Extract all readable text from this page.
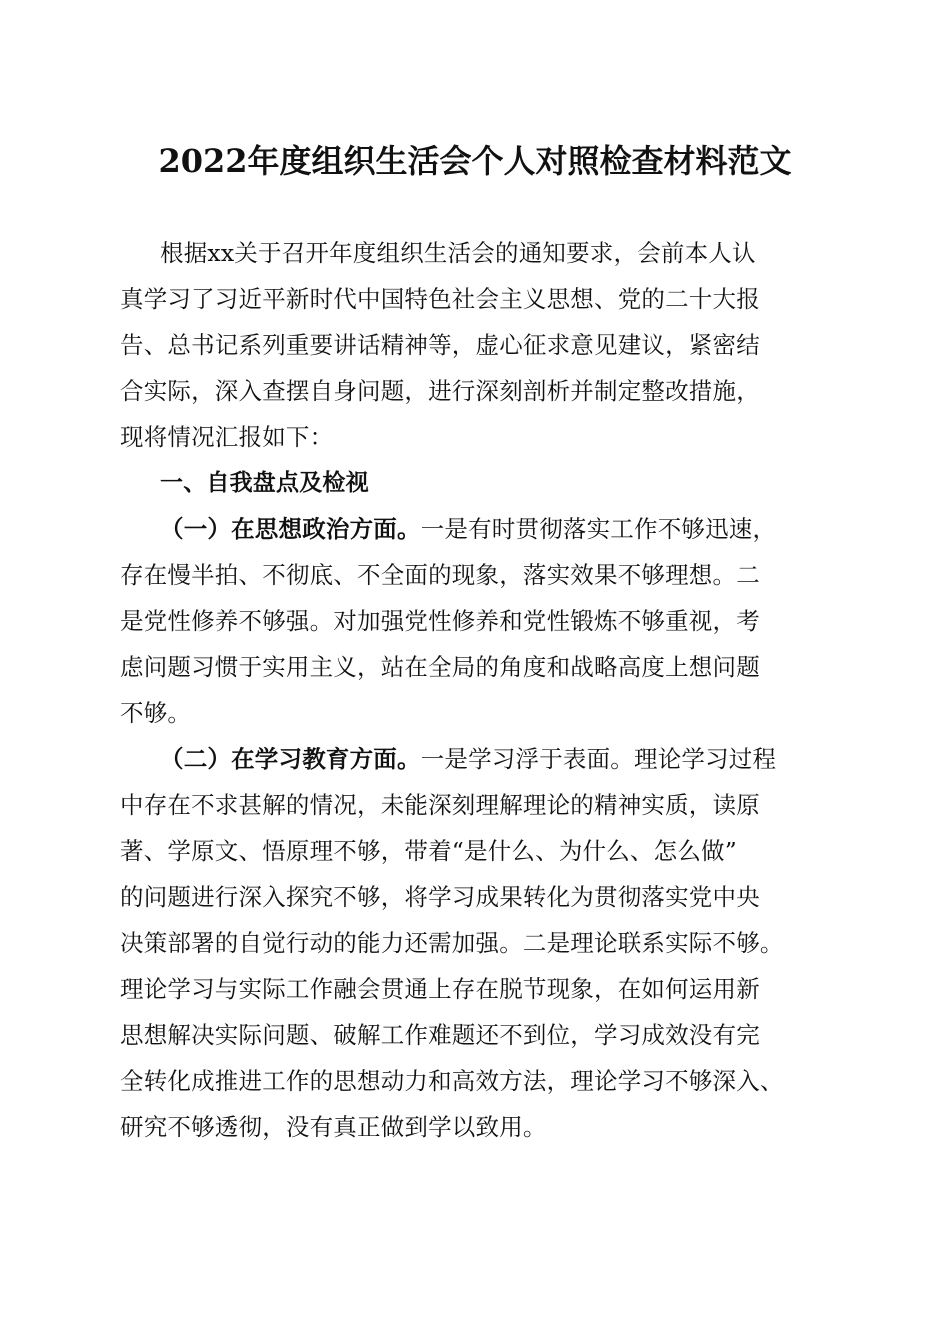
2022年度组织生活会个人对照检查材料范文
根据xx关于召开年度组织生活会的通知要求，会前本人认
真学习了习近平新时代中国特色社会主义思想、党的二十大报
告、总书记系列重要讲话精神等，虚心征求意见建议，紧密结
合实际，深入查摆自身问题，进行深刻剖析并制定整改措施，
现将情况汇报如下：
一、自我盘点及检视
（一）在思想政治方面。一是有时贯彻落实工作不够迅速，
存在慢半拍、不彻底、不全面的现象，落实效果不够理想。二
是党性修养不够强。对加强党性修养和党性锻炼不够重视，考
虑问题习惯于实用主义，站在全局的角度和战略高度上想问题
不够。
（二）在学习教育方面。一是学习浮于表面。理论学习过程
中存在不求甚解的情况，未能深刻理解理论的精神实质，读原
著、学原文、悟原理不够，带着“是什么、为什么、怎么做”
的问题进行深入探究不够，将学习成果转化为贯彻落实党中央
决策部署的自觉行动的能力还需加强。二是理论联系实际不够。
理论学习与实际工作融会贯通上存在脱节现象，在如何运用新
思想解决实际问题、破解工作难题还不到位，学习成效没有完
全转化成推进工作的思想动力和高效方法，理论学习不够深入、
研究不够透彻，没有真正做到学以致用。
